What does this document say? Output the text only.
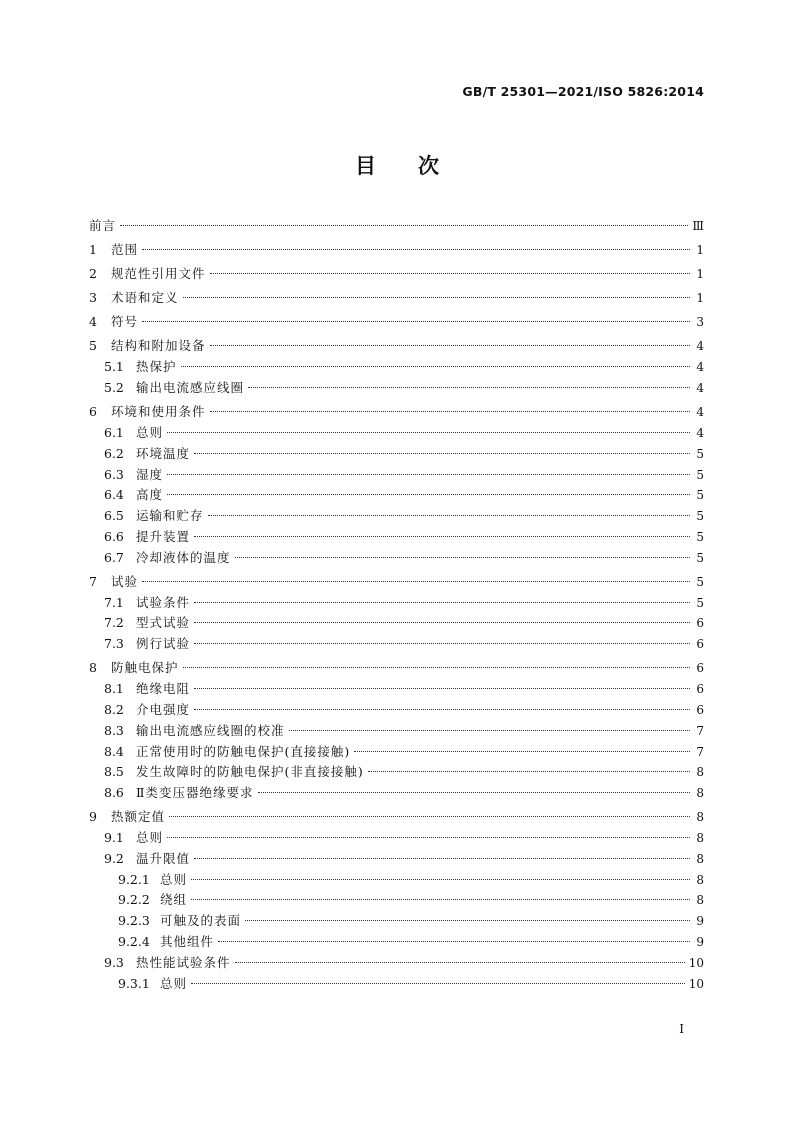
GB/T 25301—2021/ISO 5826:2014
目　　次
前言	Ⅲ
1	范围	1
2	规范性引用文件	1
3	术语和定义	1
4	符号	3
5	结构和附加设备	4
5.1 热保护	4
5.2 输出电流感应线圈	4
6	环境和使用条件	4
6.1 总则	4
6.2 环境温度	5
6.3 湿度	5
6.4 高度	5
6.5 运输和贮存	5
6.6 提升装置	5
6.7 冷却液体的温度	5
7	试验	5
7.1 试验条件	5
7.2 型式试验	6
7.3 例行试验	6
8	防触电保护	6
8.1 绝缘电阻	6
8.2 介电强度	6
8.3 输出电流感应线圈的校准	7
8.4 正常使用时的防触电保护(直接接触)	7
8.5 发生故障时的防触电保护(非直接接触)	8
8.6 Ⅱ类变压器绝缘要求	8
9	热额定值	8
9.1 总则	8
9.2 温升限值	8
9.2.1 总则	8
9.2.2 绕组	8
9.2.3 可触及的表面	9
9.2.4 其他组件	9
9.3 热性能试验条件	10
9.3.1 总则	10
I
